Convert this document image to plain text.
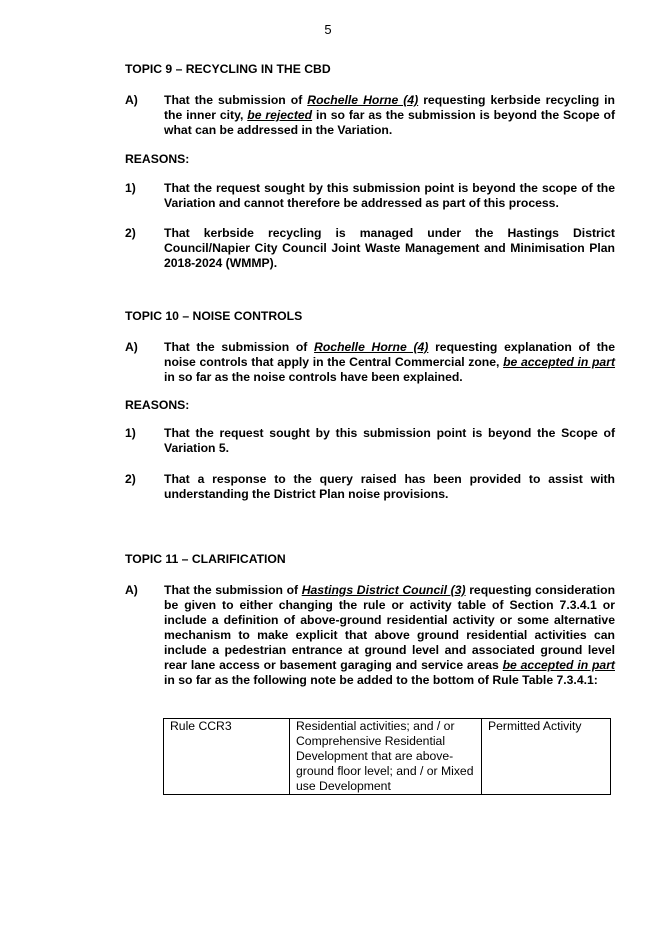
5

TOPIC 9 – RECYCLING IN THE CBD

A)	That the submission of Rochelle Horne (4) requesting kerbside recycling in the inner city, be rejected in so far as the submission is beyond the Scope of what can be addressed in the Variation.

REASONS:

1)	That the request sought by this submission point is beyond the scope of the Variation and cannot therefore be addressed as part of this process.
2)	That kerbside recycling is managed under the Hastings District Council/Napier City Council Joint Waste Management and Minimisation Plan 2018-2024 (WMMP).

TOPIC 10 – NOISE CONTROLS

A)	That the submission of Rochelle Horne (4) requesting explanation of the noise controls that apply in the Central Commercial zone, be accepted in part in so far as the noise controls have been explained.

REASONS:

1)	That the request sought by this submission point is beyond the Scope of Variation 5.
2)	That a response to the query raised has been provided to assist with understanding the District Plan noise provisions.

TOPIC 11 – CLARIFICATION

A)	That the submission of Hastings District Council (3) requesting consideration be given to either changing the rule or activity table of Section 7.3.4.1 or include a definition of above-ground residential activity or some alternative mechanism to make explicit that above ground residential activities can include a pedestrian entrance at ground level and associated ground level rear lane access or basement garaging and service areas be accepted in part in so far as the following note be added to the bottom of Rule Table 7.3.4.1:
Rule CCR3	Residential activities; and / or Comprehensive Residential Development that are above-ground floor level; and / or Mixed use Development	Permitted Activity
